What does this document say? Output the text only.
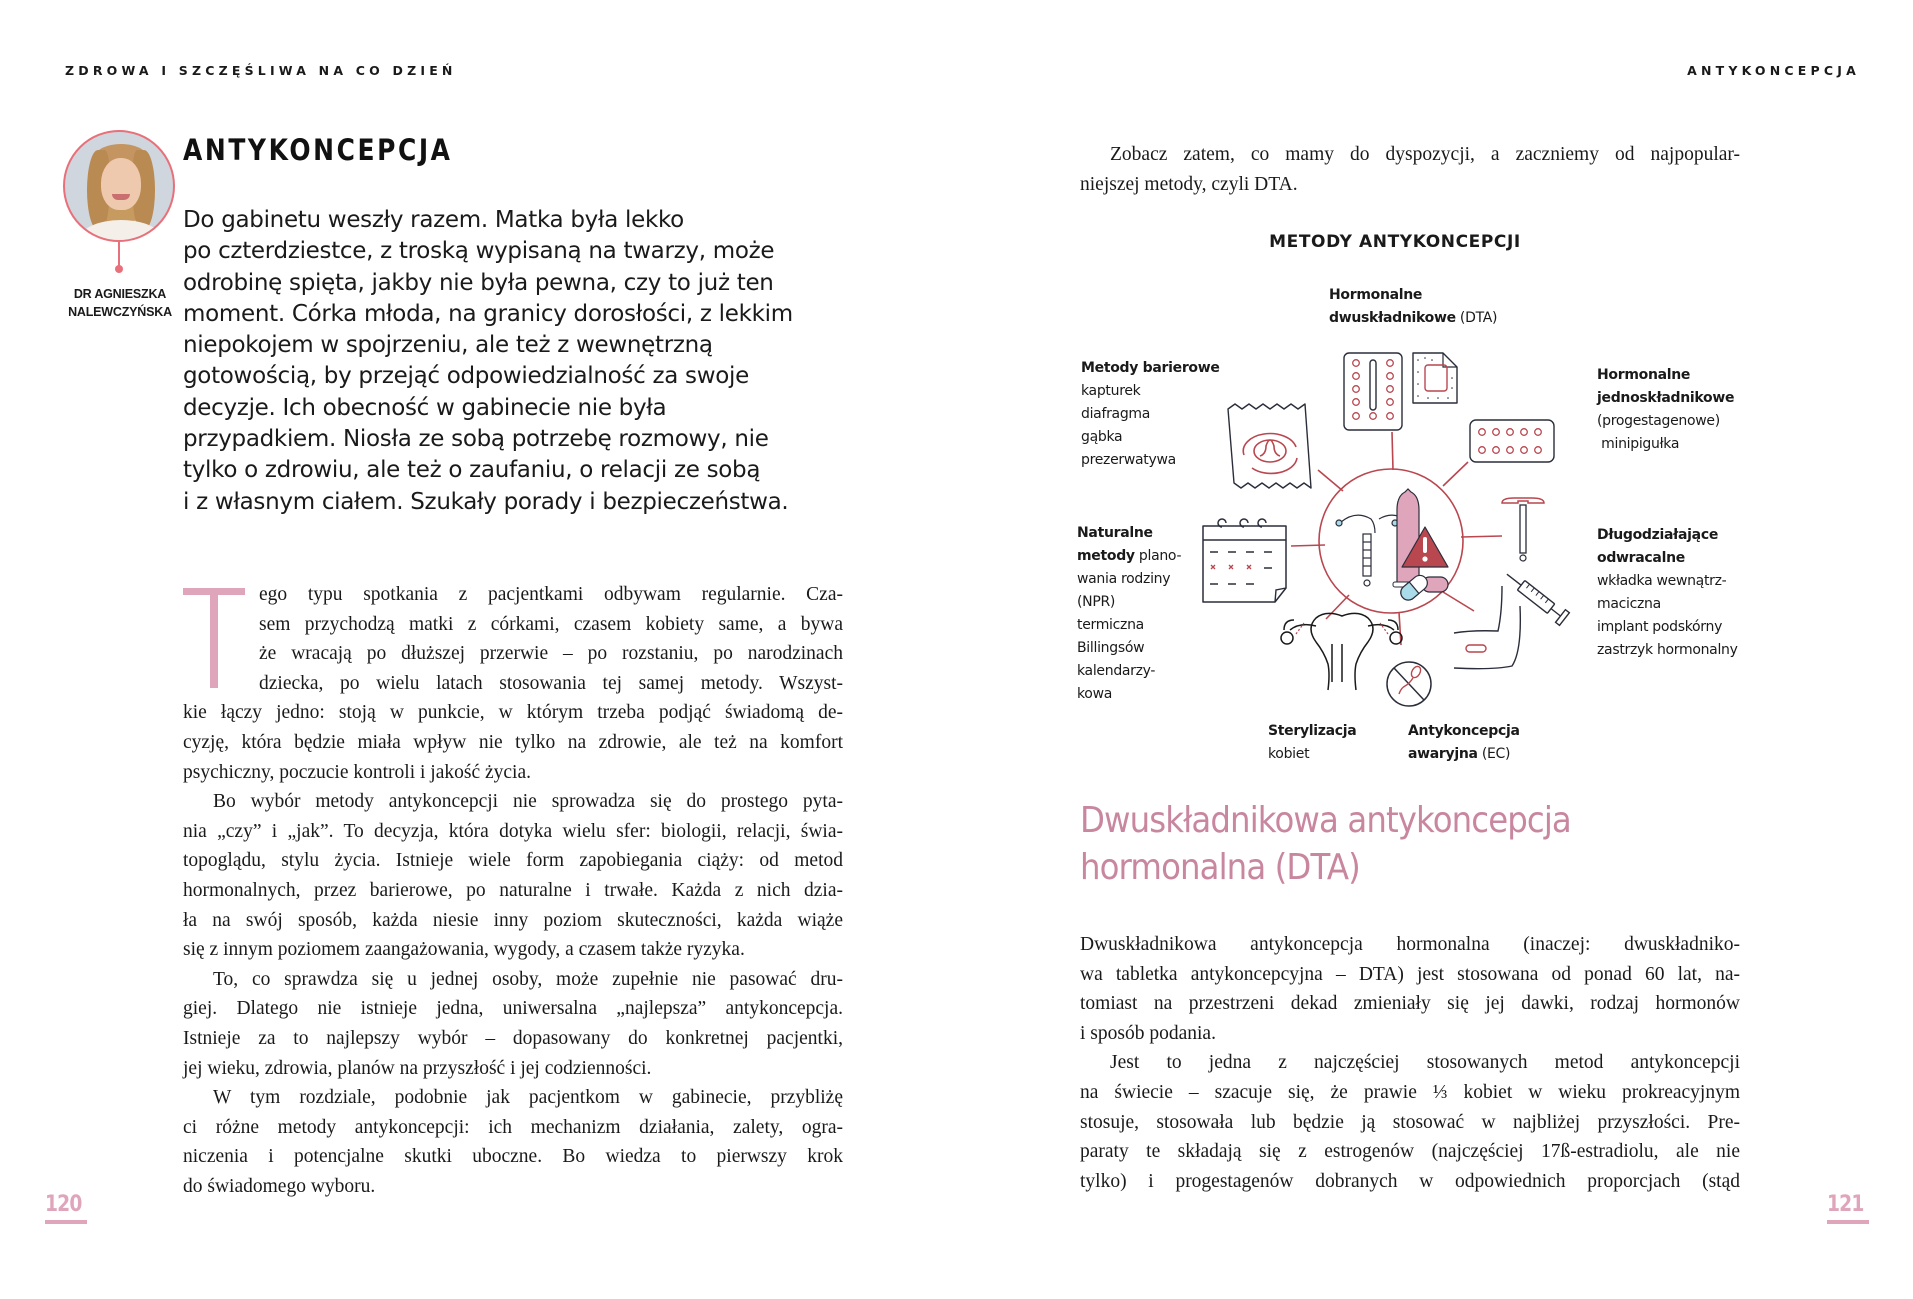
ZDROWA I SZCZĘŚLIWA NA CO DZIEŃ	ANTYKONCEPCJA
DR AGNIESZKA
NALEWCZYŃSKA
ANTYKONCEPCJA
Do gabinetu weszły razem. Matka była lekko
po czterdziestce, z troską wypisaną na twarzy, może
odrobinę spięta, jakby nie była pewna, czy to już ten
moment. Córka młoda, na granicy dorosłości, z lekkim
niepokojem w spojrzeniu, ale też z wewnętrzną
gotowością, by przejąć odpowiedzialność za swoje
decyzje. Ich obecność w gabinecie nie była
przypadkiem. Niosła ze sobą potrzebę rozmowy, nie
tylko o zdrowiu, ale też o zaufaniu, o relacji ze sobą
i z własnym ciałem. Szukały porady i bezpieczeństwa.
ego typu spotkania z pacjentkami odbywam regularnie. Cza-
sem przychodzą matki z córkami, czasem kobiety same, a bywa
że wracają po dłuższej przerwie – po rozstaniu, po narodzinach
dziecka, po wielu latach stosowania tej samej metody. Wszyst-
kie łączy jedno: stoją w punkcie, w którym trzeba podjąć świadomą de-
cyzję, która będzie miała wpływ nie tylko na zdrowie, ale też na komfort
psychiczny, poczucie kontroli i jakość życia.
Bo wybór metody antykoncepcji nie sprowadza się do prostego pyta-
nia „czy” i „jak”. To decyzja, która dotyka wielu sfer: biologii, relacji, świa-
topoglądu, stylu życia. Istnieje wiele form zapobiegania ciąży: od metod
hormonalnych, przez barierowe, po naturalne i trwałe. Każda z nich dzia-
ła na swój sposób, każda niesie inny poziom skuteczności, każda wiąże
się z innym poziomem zaangażowania, wygody, a czasem także ryzyka.
To, co sprawdza się u jednej osoby, może zupełnie nie pasować dru-
giej. Dlatego nie istnieje jedna, uniwersalna „najlepsza” antykoncepcja.
Istnieje za to najlepszy wybór – dopasowany do konkretnej pacjentki,
jej wieku, zdrowia, planów na przyszłość i jej codzienności.
W tym rozdziale, podobnie jak pacjentkom w gabinecie, przybliżę
ci różne metody antykoncepcji: ich mechanizm działania, zalety, ogra-
niczenia i potencjalne skutki uboczne. Bo wiedza to pierwszy krok
do świadomego wyboru.
120	121
Zobacz zatem, co mamy do dyspozycji, a zaczniemy od najpopular-
niejszej metody, czyli DTA.
METODY ANTYKONCEPCJI
Hormonalne
dwuskładnikowe (DTA)
Metody barierowe
kapturek
diafragma
gąbka
prezerwatywa
Hormonalne
jednoskładnikowe
(progestagenowe)
minipigułka
Naturalne
metody plano-
wania rodziny
(NPR)
termiczna
Billingsów
kalendarzy-
kowa
Długodziałające
odwracalne
wkładka wewnątrz-
maciczna
implant podskórny
zastrzyk hormonalny
Sterylizacja
kobiet
Antykoncepcja
awaryjna (EC)
Dwuskładnikowa antykoncepcja
hormonalna (DTA)
Dwuskładnikowa antykoncepcja hormonalna (inaczej: dwuskładniko-
wa tabletka antykoncepcyjna – DTA) jest stosowana od ponad 60 lat, na-
tomiast na przestrzeni dekad zmieniały się jej dawki, rodzaj hormonów
i sposób podania.
Jest to jedna z najczęściej stosowanych metod antykoncepcji
na świecie – szacuje się, że prawie ⅓ kobiet w wieku prokreacyjnym
stosuje, stosowała lub będzie ją stosować w najbliżej przyszłości. Pre-
paraty te składają się z estrogenów (najczęściej 17ß-estradiolu, ale nie
tylko) i progestagenów dobranych w odpowiednich proporcjach (stąd
